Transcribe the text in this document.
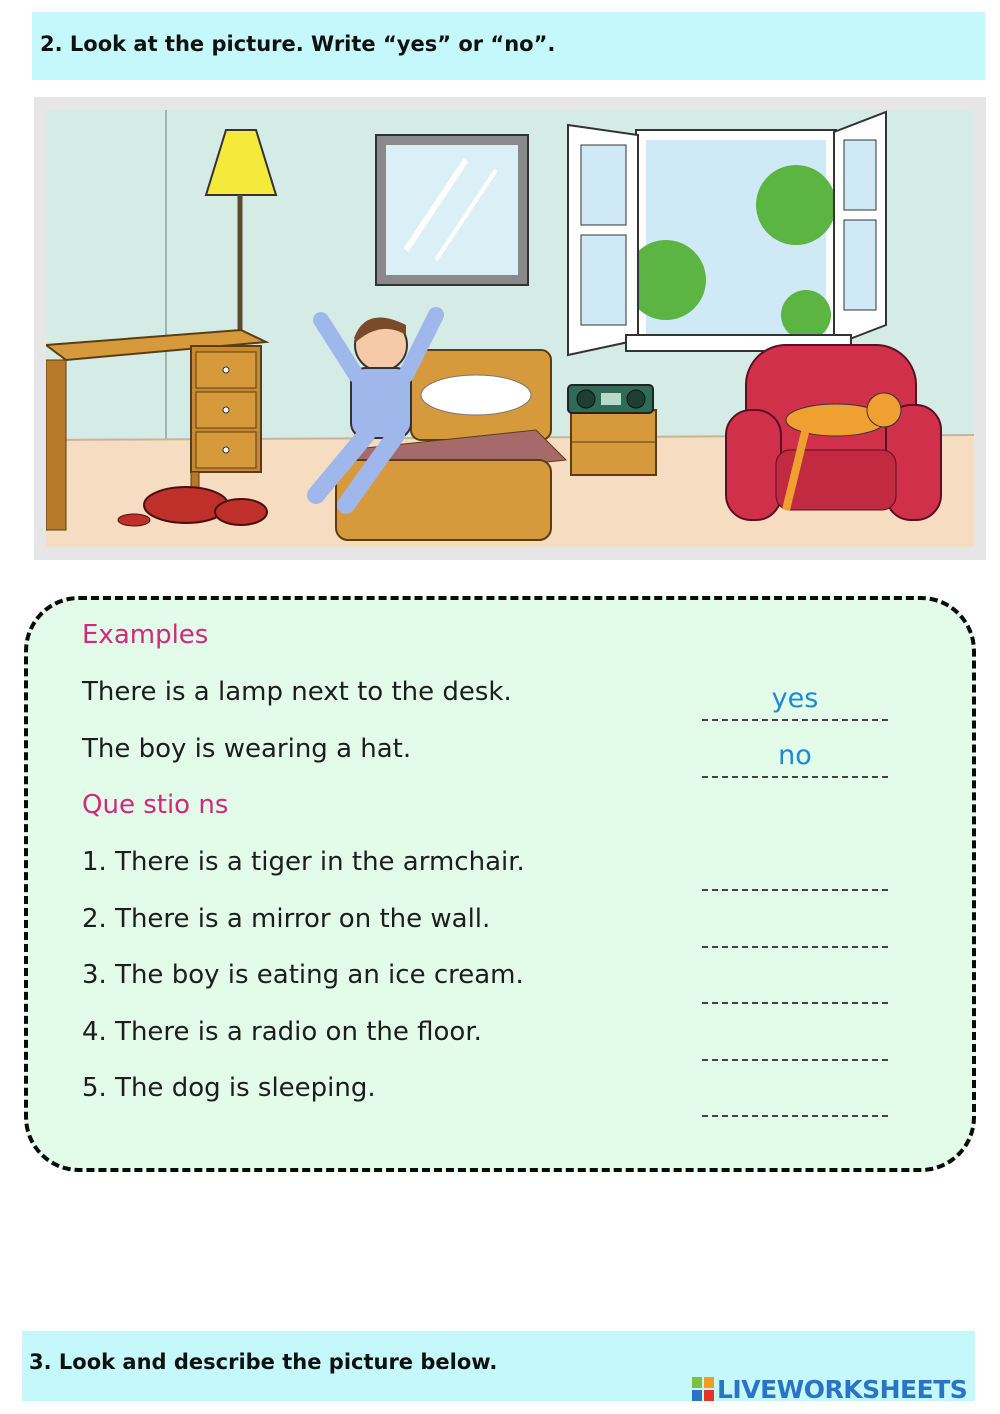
2. Look at the picture. Write “yes” or “no”.
Examples
There is a lamp next to the desk.
yes
The boy is wearing a hat.
no
Que stio ns
1. There is a tiger in the armchair.
2. There is a mirror on the wall.
3. The boy is eating an ice cream.
4. There is a radio on the floor.
5. The dog is sleeping.
3. Look and describe the picture below.
LIVEWORKSHEETS
